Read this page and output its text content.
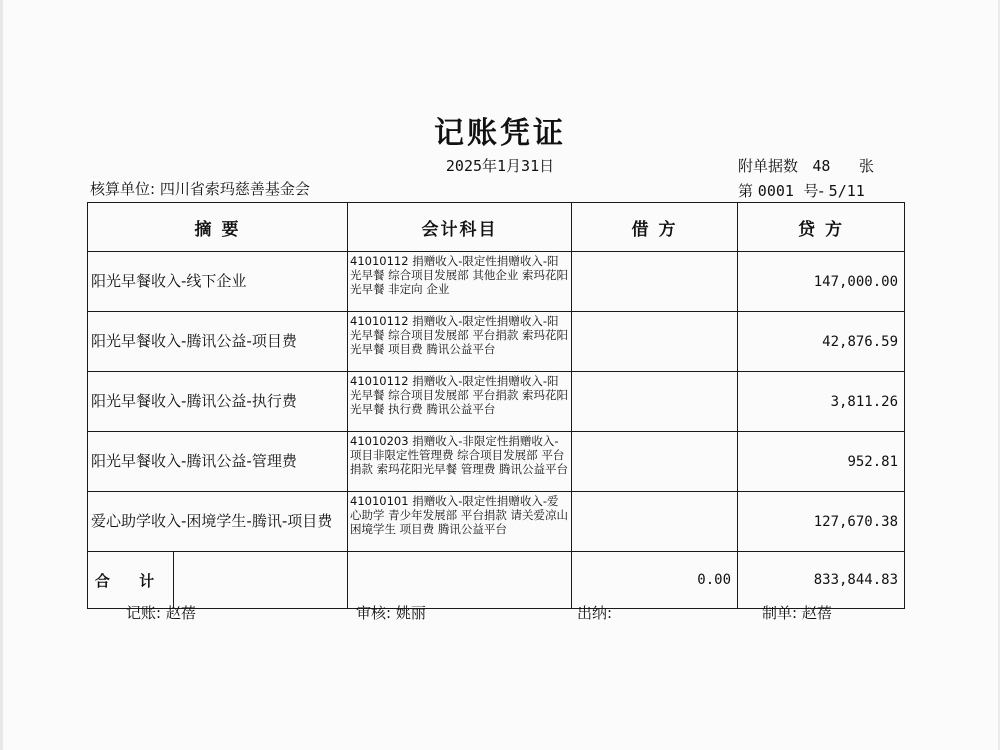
记账凭证
2025年1月31日	附单据数 48 张
核算单位: 四川省索玛慈善基金会	第 0001 号- 5/11
摘 要		会计科目	借 方	贷 方
阳光早餐收入-线下企业		41010112 捐赠收入-限定性捐赠收入-阳光早餐 综合项目发展部 其他企业 索玛花阳光早餐 非定向 企业		147,000.00
阳光早餐收入-腾讯公益-项目费		41010112 捐赠收入-限定性捐赠收入-阳光早餐 综合项目发展部 平台捐款 索玛花阳光早餐 项目费 腾讯公益平台		42,876.59
阳光早餐收入-腾讯公益-执行费		41010112 捐赠收入-限定性捐赠收入-阳光早餐 综合项目发展部 平台捐款 索玛花阳光早餐 执行费 腾讯公益平台		3,811.26
阳光早餐收入-腾讯公益-管理费		41010203 捐赠收入-非限定性捐赠收入-项目非限定性管理费 综合项目发展部 平台捐款 索玛花阳光早餐 管理费 腾讯公益平台		952.81
爱心助学收入-困境学生-腾讯-项目费		41010101 捐赠收入-限定性捐赠收入-爱心助学 青少年发展部 平台捐款 请关爱凉山困境学生 项目费 腾讯公益平台		127,670.38
合 计			0.00	833,844.83
记账: 赵蓓	审核: 姚丽	出纳:	制单: 赵蓓
